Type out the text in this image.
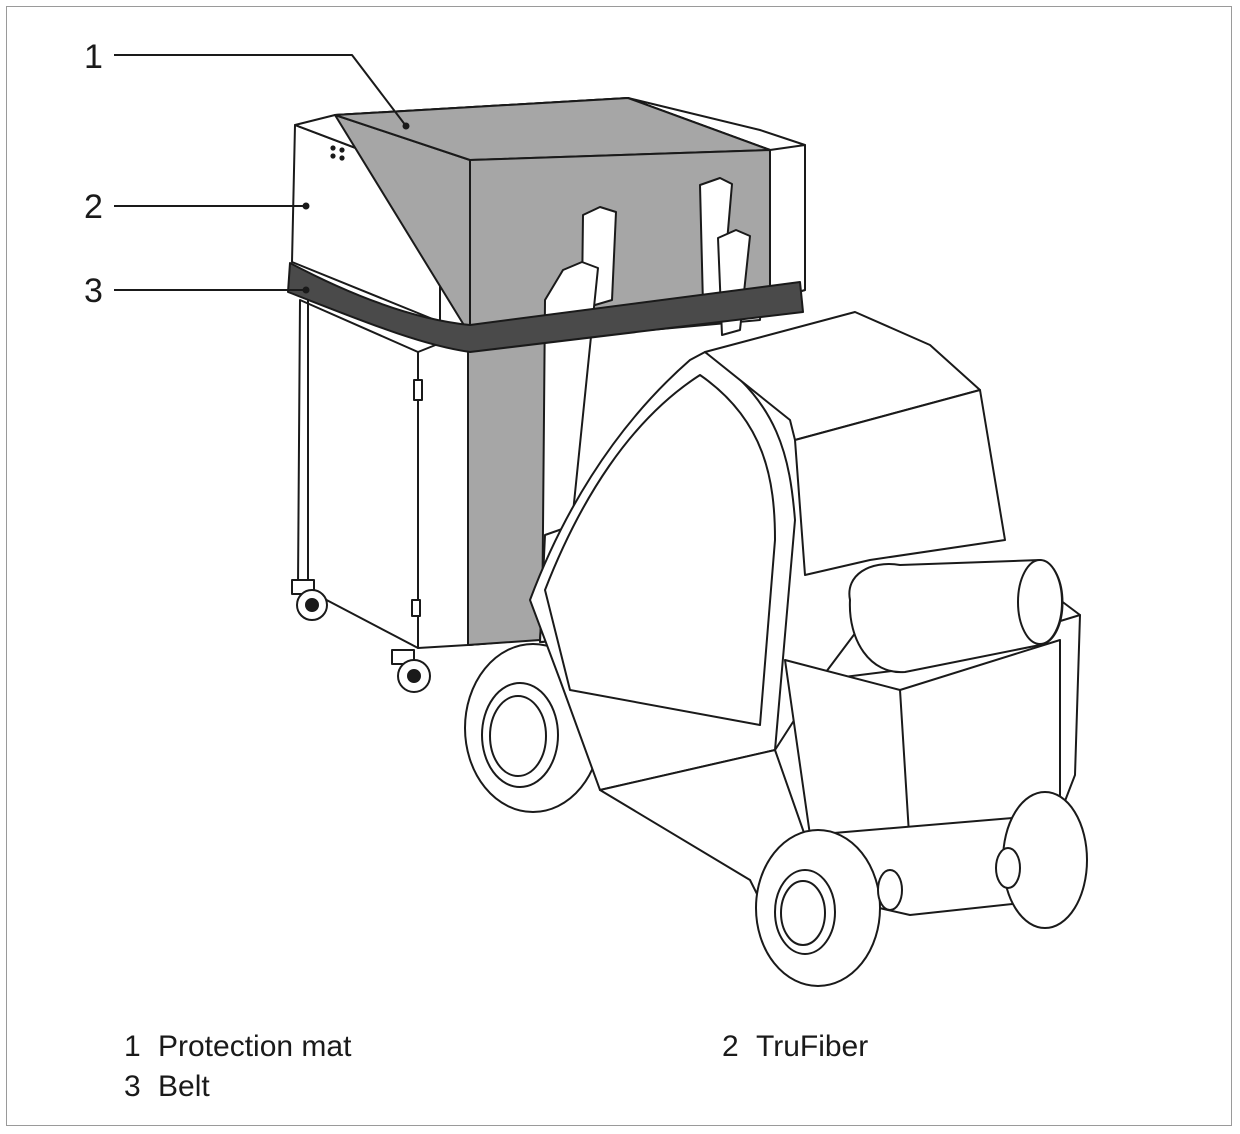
1
2
3
1 Protection mat	2 TruFiber
3 Belt
